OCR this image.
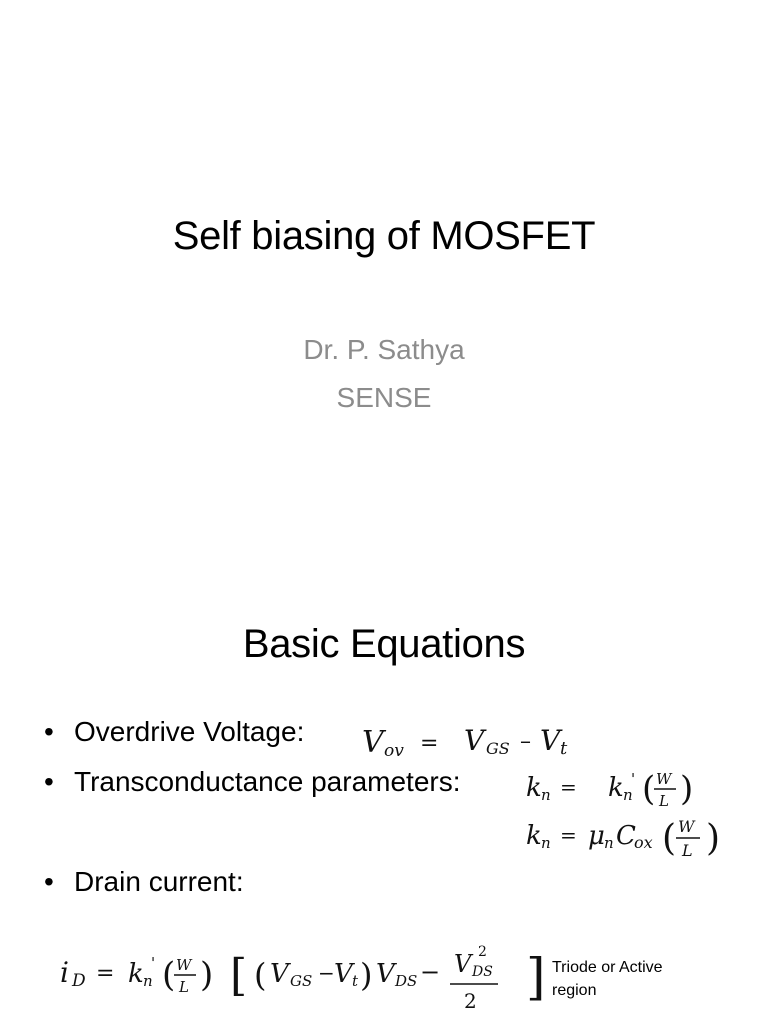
Self biasing of MOSFET
Dr. P. Sathya
SENSE
Basic Equations
• Overdrive Voltage:
• Transconductance parameters:
• Drain current:
V ov = V GS – V t
k n = k n
' ( W
L )
k n = μ n C
ox ( W
L )
i D = k n
' ( W
L ) [ ( V GS − V t ) V DS − V DS
2
2 ] Triode or Active
region
